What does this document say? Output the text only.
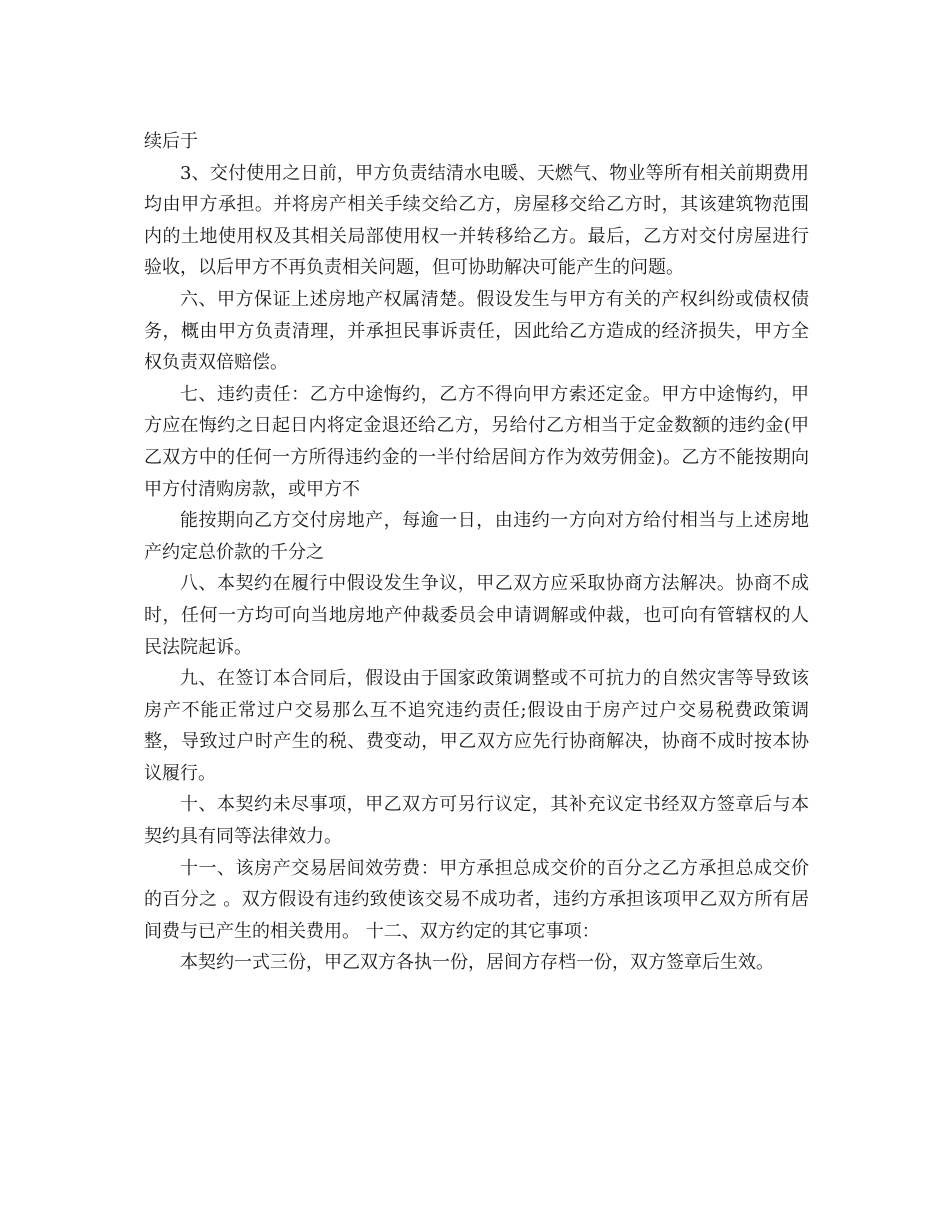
续后于

3、交付使用之日前，甲方负责结清水电暖、天燃气、物业等所有相关前期费用均由甲方承担。并将房产相关手续交给乙方，房屋移交给乙方时，其该建筑物范围内的土地使用权及其相关局部使用权一并转移给乙方。最后，乙方对交付房屋进行验收，以后甲方不再负责相关问题，但可协助解决可能产生的问题。

六、甲方保证上述房地产权属清楚。假设发生与甲方有关的产权纠纷或债权债务，概由甲方负责清理，并承担民事诉责任，因此给乙方造成的经济损失，甲方全权负责双倍赔偿。

七、违约责任：乙方中途悔约，乙方不得向甲方索还定金。甲方中途悔约，甲方应在悔约之日起日内将定金退还给乙方，另给付乙方相当于定金数额的违约金(甲乙双方中的任何一方所得违约金的一半付给居间方作为效劳佣金)。乙方不能按期向甲方付清购房款，或甲方不

能按期向乙方交付房地产，每逾一日，由违约一方向对方给付相当与上述房地产约定总价款的千分之

八、本契约在履行中假设发生争议，甲乙双方应采取协商方法解决。协商不成时，任何一方均可向当地房地产仲裁委员会申请调解或仲裁，也可向有管辖权的人民法院起诉。

九、在签订本合同后，假设由于国家政策调整或不可抗力的自然灾害等导致该房产不能正常过户交易那么互不追究违约责任;假设由于房产过户交易税费政策调整，导致过户时产生的税、费变动，甲乙双方应先行协商解决，协商不成时按本协议履行。

十、本契约未尽事项，甲乙双方可另行议定，其补充议定书经双方签章后与本契约具有同等法律效力。

十一、该房产交易居间效劳费：甲方承担总成交价的百分之乙方承担总成交价的百分之 。双方假设有违约致使该交易不成功者，违约方承担该项甲乙双方所有居间费与已产生的相关费用。 十二、双方约定的其它事项：

本契约一式三份，甲乙双方各执一份，居间方存档一份，双方签章后生效。
